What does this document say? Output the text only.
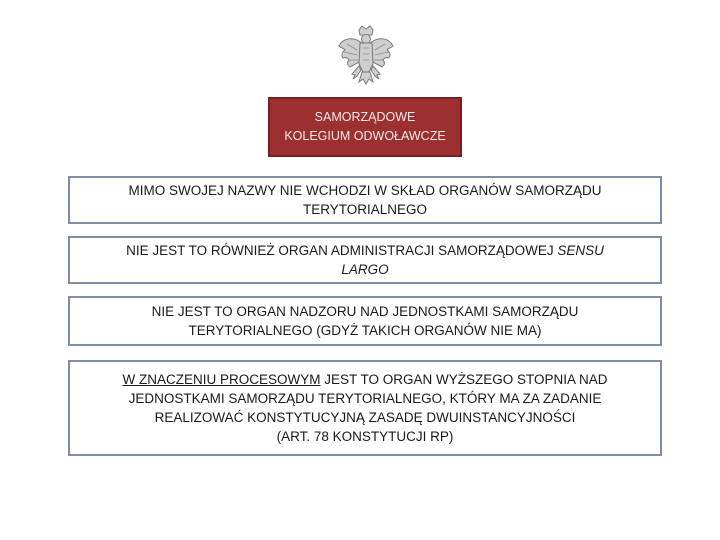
SAMORZĄDOWE
KOLEGIUM ODWOŁAWCZE
MIMO SWOJEJ NAZWY NIE WCHODZI W SKŁAD ORGANÓW SAMORZĄDU
TERYTORIALNEGO
NIE JEST TO RÓWNIEŻ ORGAN ADMINISTRACJI SAMORZĄDOWEJ SENSU
LARGO
NIE JEST TO ORGAN NADZORU NAD JEDNOSTKAMI SAMORZĄDU
TERYTORIALNEGO (GDYŻ TAKICH ORGANÓW NIE MA)
W ZNACZENIU PROCESOWYM JEST TO ORGAN WYŻSZEGO STOPNIA NAD
JEDNOSTKAMI SAMORZĄDU TERYTORIALNEGO, KTÓRY MA ZA ZADANIE
REALIZOWAĆ KONSTYTUCYJNĄ ZASADĘ DWUINSTANCYJNOŚCI
(ART. 78 KONSTYTUCJI RP)
